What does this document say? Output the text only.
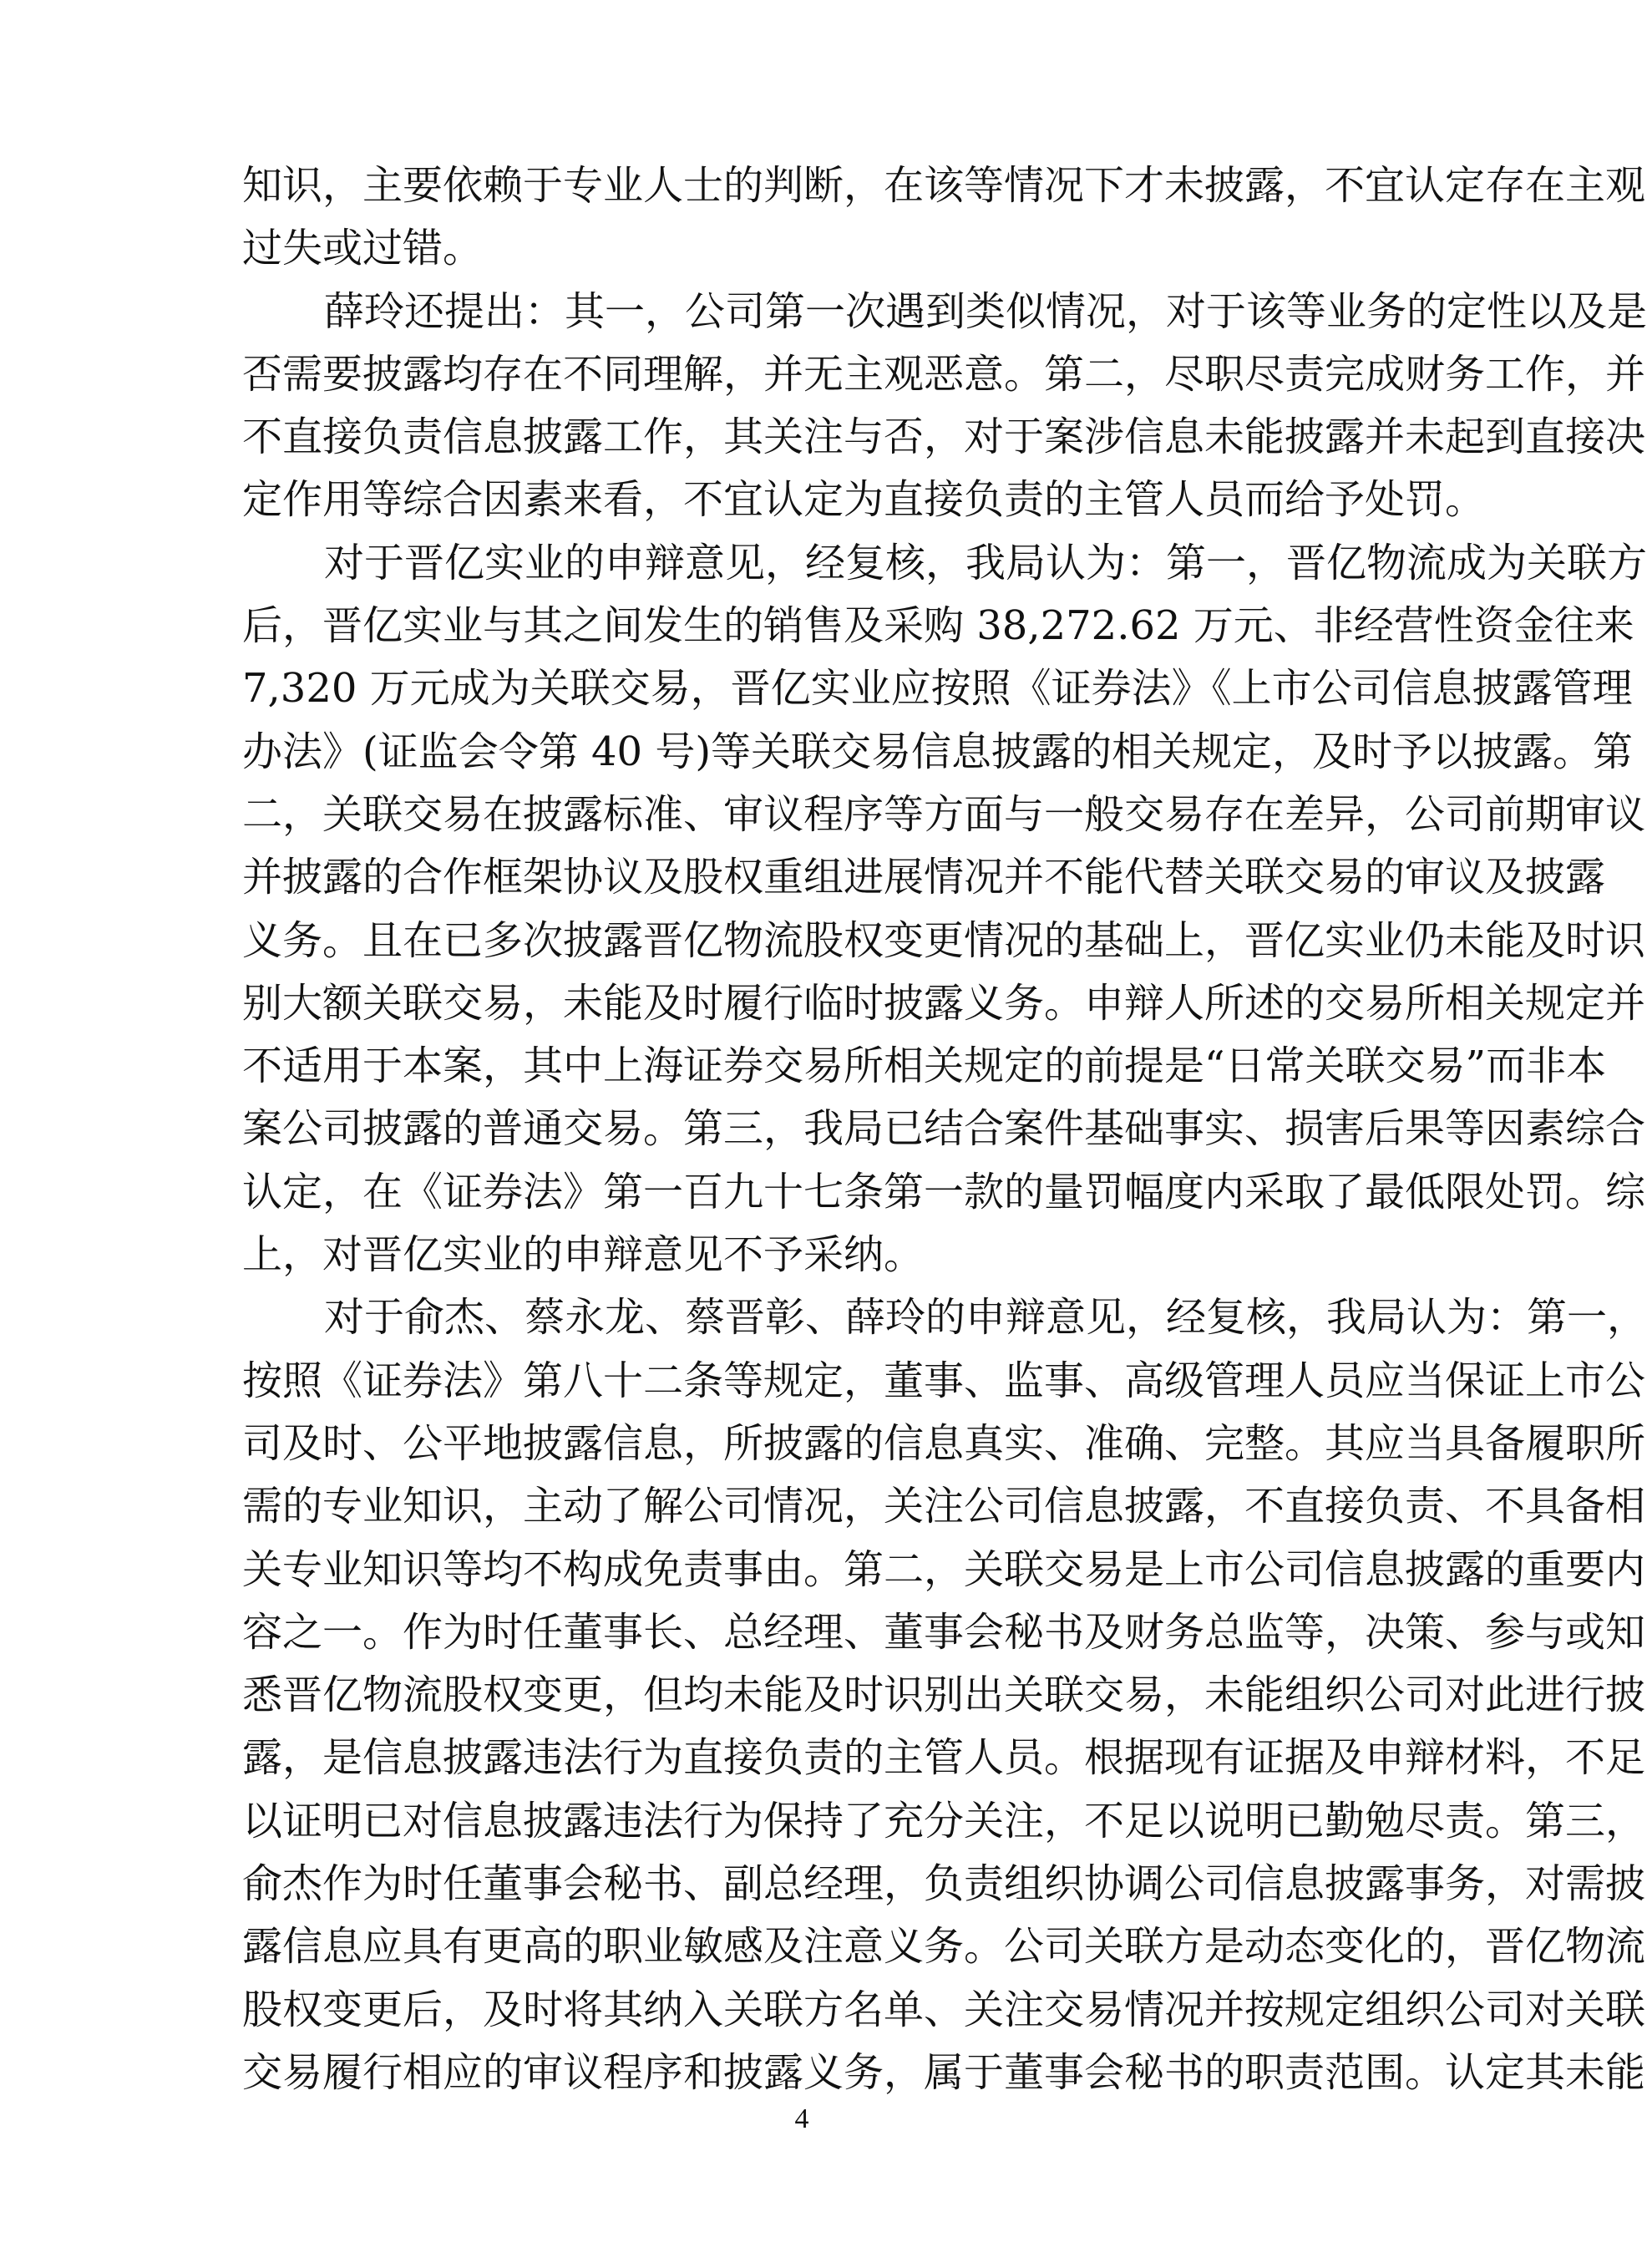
知识，主要依赖于专业人士的判断，在该等情况下才未披露，不宜认定存在主观
过失或过错。
薛玲还提出：其一，公司第一次遇到类似情况，对于该等业务的定性以及是
否需要披露均存在不同理解，并无主观恶意。第二，尽职尽责完成财务工作，并
不直接负责信息披露工作，其关注与否，对于案涉信息未能披露并未起到直接决
定作用等综合因素来看，不宜认定为直接负责的主管人员而给予处罚。
对于晋亿实业的申辩意见，经复核，我局认为：第一，晋亿物流成为关联方
后，晋亿实业与其之间发生的销售及采购 38,272.62 万元、非经营性资金往来
7,320 万元成为关联交易，晋亿实业应按照《证券法》《上市公司信息披露管理
办法》(证监会令第 40 号)等关联交易信息披露的相关规定，及时予以披露。第
二，关联交易在披露标准、审议程序等方面与一般交易存在差异，公司前期审议
并披露的合作框架协议及股权重组进展情况并不能代替关联交易的审议及披露
义务。且在已多次披露晋亿物流股权变更情况的基础上，晋亿实业仍未能及时识
别大额关联交易，未能及时履行临时披露义务。申辩人所述的交易所相关规定并
不适用于本案，其中上海证券交易所相关规定的前提是“日常关联交易”而非本
案公司披露的普通交易。第三，我局已结合案件基础事实、损害后果等因素综合
认定，在《证券法》第一百九十七条第一款的量罚幅度内采取了最低限处罚。综
上，对晋亿实业的申辩意见不予采纳。
对于俞杰、蔡永龙、蔡晋彰、薛玲的申辩意见，经复核，我局认为：第一，
按照《证券法》第八十二条等规定，董事、监事、高级管理人员应当保证上市公
司及时、公平地披露信息，所披露的信息真实、准确、完整。其应当具备履职所
需的专业知识，主动了解公司情况，关注公司信息披露，不直接负责、不具备相
关专业知识等均不构成免责事由。第二，关联交易是上市公司信息披露的重要内
容之一。作为时任董事长、总经理、董事会秘书及财务总监等，决策、参与或知
悉晋亿物流股权变更，但均未能及时识别出关联交易，未能组织公司对此进行披
露，是信息披露违法行为直接负责的主管人员。根据现有证据及申辩材料，不足
以证明已对信息披露违法行为保持了充分关注，不足以说明已勤勉尽责。第三，
俞杰作为时任董事会秘书、副总经理，负责组织协调公司信息披露事务，对需披
露信息应具有更高的职业敏感及注意义务。公司关联方是动态变化的，晋亿物流
股权变更后，及时将其纳入关联方名单、关注交易情况并按规定组织公司对关联
交易履行相应的审议程序和披露义务，属于董事会秘书的职责范围。认定其未能
4
